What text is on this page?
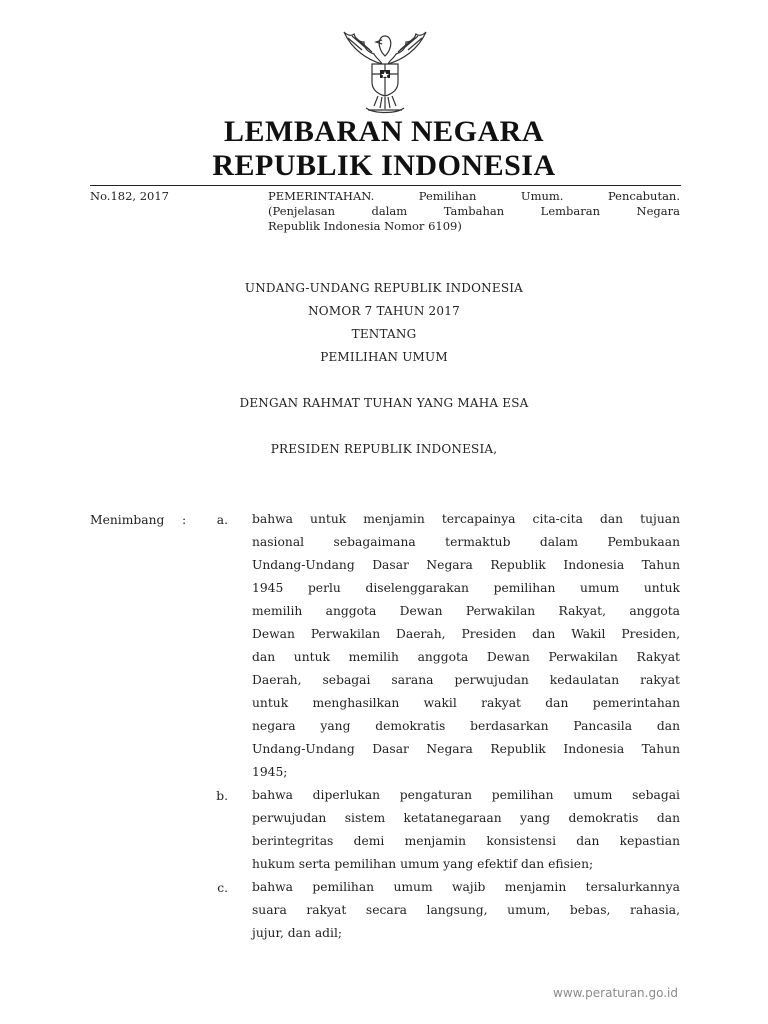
LEMBARAN NEGARA
REPUBLIK INDONESIA
No.182, 2017	PEMERINTAHAN. Pemilihan Umum. Pencabutan.
(Penjelasan dalam Tambahan Lembaran Negara
Republik Indonesia Nomor 6109)
UNDANG-UNDANG REPUBLIK INDONESIA
NOMOR 7 TAHUN 2017
TENTANG
PEMILIHAN UMUM
DENGAN RAHMAT TUHAN YANG MAHA ESA
PRESIDEN REPUBLIK INDONESIA,
Menimbang :	a. bahwa untuk menjamin tercapainya cita-cita dan tujuan
nasional sebagaimana termaktub dalam Pembukaan
Undang-Undang Dasar Negara Republik Indonesia Tahun
1945 perlu diselenggarakan pemilihan umum untuk
memilih anggota Dewan Perwakilan Rakyat, anggota
Dewan Perwakilan Daerah, Presiden dan Wakil Presiden,
dan untuk memilih anggota Dewan Perwakilan Rakyat
Daerah, sebagai sarana perwujudan kedaulatan rakyat
untuk menghasilkan wakil rakyat dan pemerintahan
negara yang demokratis berdasarkan Pancasila dan
Undang-Undang Dasar Negara Republik Indonesia Tahun
1945;
b. bahwa diperlukan pengaturan pemilihan umum sebagai
perwujudan sistem ketatanegaraan yang demokratis dan
berintegritas demi menjamin konsistensi dan kepastian
hukum serta pemilihan umum yang efektif dan efisien;
c. bahwa pemilihan umum wajib menjamin tersalurkannya
suara rakyat secara langsung, umum, bebas, rahasia,
jujur, dan adil;
www.peraturan.go.id
